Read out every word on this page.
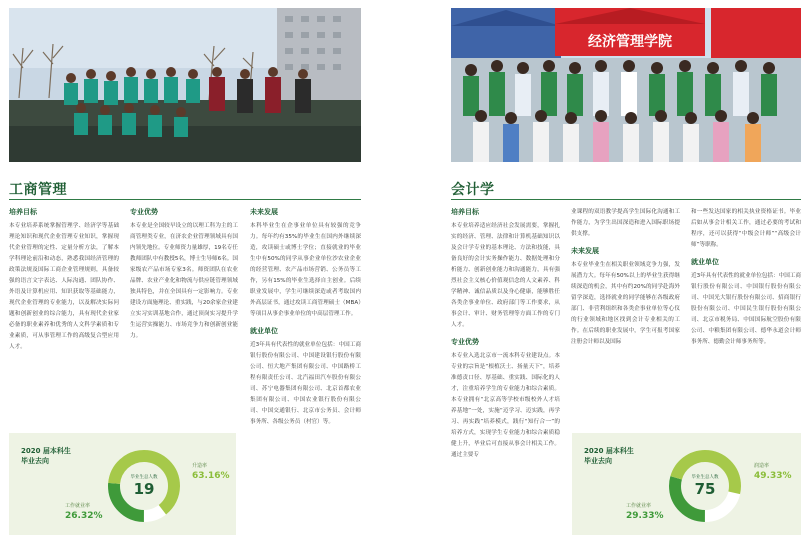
工商管理
培养目标

本专业培养系统掌握管理学、经济学等基础理论知识和现代企业管理专业知识，掌握现代企业管理的定性、定量分析方法，了解本学科理论前沿和动态，熟悉我国经济管理的政策法规及国际工商企业管理规则，具备较强的语言文字表达、人际沟通、团队协作、外语及计算机应用、知识获取等基础能力，现代企业管理的专业能力，以及解决实际问题和创新创业的综合能力，具有现代企业家必备的职业素养和优秀的人文科学素质和专业素质，可从事管理工作的高级复合型应用人才。

专业优势

本专业是全国较早设立的以理工科为主的工商管理类专业，在济农企业管理领域具有国内领先地位。专业师资力量雄厚，19名专任教师团队中有教授5名，博士生导师6名。国家级农产品市场专家3名。师资团队在农业品牌、农业产业化和物流与供应链管理领域独具特色，并在全国具有一定影响力。专业建设方面施理论、重实践，与20余家企业建立实习实训基地合作，通过顶岗实习提升学生运营实操能力、市场竞争力和创新创业能力。

未来发展

本科毕业生在企事业单位具有较强的竞争力。每年约有35%的毕业生在国内外继续深造，攻读硕士或博士学位；直接就业的毕业生中有50%的同学从事企业单位沙农业企业的经营管理、农产品市场营销、公务员等工作，另有15%的毕业生选择自主创业。后续职业发展中，学生可继续深造或者考取国内外高层证书，通过攻读工商管理硕士（MBA）等项目从事企事业单位的中高层管理工作。

就业单位

近3年具有代表性的就业单位包括：中国工商银行股份有限公司、中国建设银行股份有限公司、恒大地产集团有限公司、中国路桥工程有限责任公司、北汽福田汽车股份有限公司、苏宁电器集团有限公司、北京首都农业集团有限公司、中国农业银行股份有限公司、中国交通银行、北京市公务员、会计师事务所、各级公务员（村官）等。

2020 届本科生
毕业去向
毕业生总人数
19
升造率
63.16%
工作就业率
26.32%
经济管理学院
会计学
培养目标

本专业培养适应经济社会发展需要，掌握扎实的经济、管理、法律和计算机基础知识以及会计学专业的基本理论、方法和技能，具备良好的会计实务操作能力、数据处理和分析能力、创新创业能力和沟通能力，具有强烈社会主义核心价值观信念的人文素养、科学精神、诚信品质以及身心健康，能够胜任各类企事业单位、政府部门等工作要求，从事会计、审计、财务管理等方面工作的专门人才。

专业优势

本专业入选北京市一流本科专业建设点。本专业的宗旨是“根植沃土、扬量天下”，培养准德责口径、厚基础、重实践、国际化的人才，注重培养学生的专业能力和综合素质。本专业拥有“北京高等学校市级校外人才培养基地”一处，实施“迈学习、迈实践，再学习、再实践”培养模式，践行“知行合一”的培养方式，实现学生专业能力和综合素质稳健上升，毕业后可直接从事会计相关工作。通过主要专

业课程的双语教学提高学生国际化沟通和工作能力，为学生出国深造和进入国际职场提供支撑。

未来发展

本专业毕业生在相关职业领域竞争力强，发展潜力大。每年有50%以上的毕业生获得继续深造的机会，其中有约20%的同学赴海外留学深造，选择就业的同学能够在各级政府部门、非营利组织和各类企事业单位等心仪的行业领域和地区找到会计专业相关的工作。在后续的职业发展中，学生可报考国家注册会计师以及国际

和一些发达国家的相关执业资格证书。毕业后如从事会计相关工作，通过必要的考试和程序，还可以获得“中级会计师”“高级会计师”等职称。

就业单位

近3年具有代表性的就业单位包括：中国工商银行股份有限公司、中国银行股份有限公司、中国光大银行股份有限公司、招商银行股份有限公司、中国民生银行股份有限公司、北京市税务局、中国国际航空股份有限公司、中粮集团有限公司、德华永道会计师事务所、德勤会计师事务所等。

2020 届本科生
毕业去向
毕业生总人数
75
润造率
49.33%
工作就业率
29.33%
